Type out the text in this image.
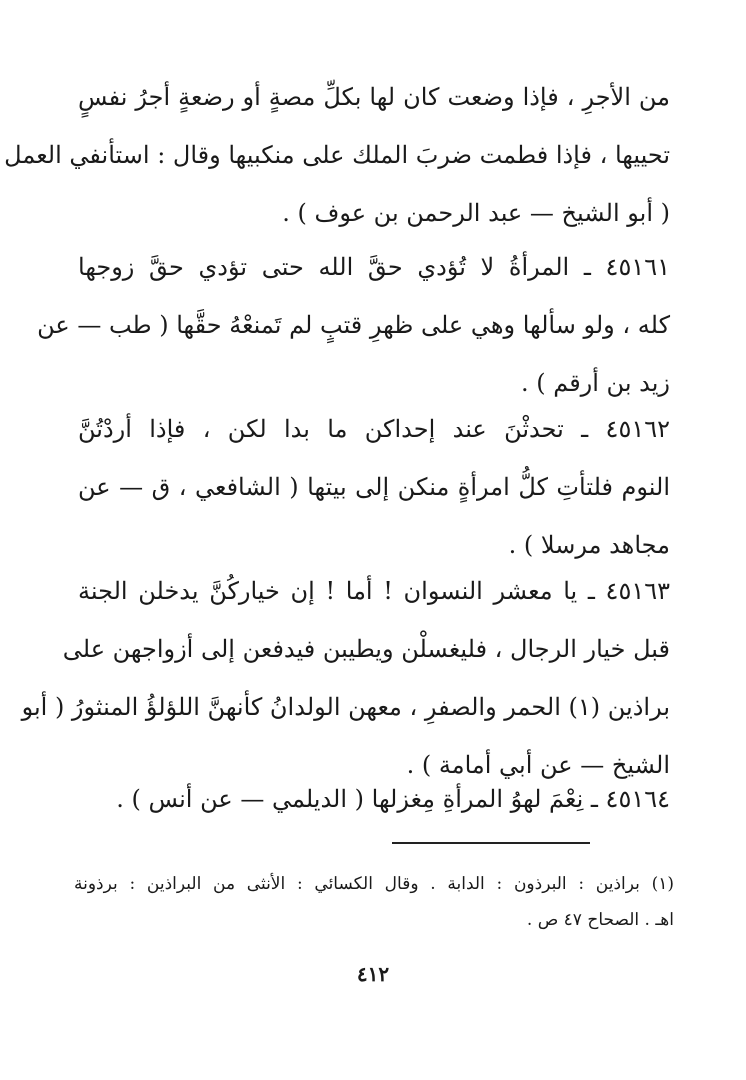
من الأجرِ ، فإذا وضعت كان لها بكلِّ مصةٍ أو رضعةٍ أجرُ نفسٍ
تحييها ، فإذا فطمت ضربَ الملك على منكبيها وقال : استأنفي العمل
( أبو الشيخ — عبد الرحمن بن عوف ) .
٤٥١٦١ ـ المرأةُ لا تُؤدي حقَّ الله حتى تؤدي حقَّ زوجها
كله ، ولو سألها وهي على ظهرِ قتبٍ لم تَمنعْهُ حقَّها ( طب — عن
زيد بن أرقم ) .
٤٥١٦٢ ـ تحدثْنَ عند إحداكن ما بدا لكن ، فإذا أردْتُنَّ
النوم فلتأتِ كلُّ امرأةٍ منكن إلى بيتها ( الشافعي ، ق — عن
مجاهد مرسلا ) .
٤٥١٦٣ ـ يا معشر النسوان ! أما ! إن خياركُنَّ يدخلن الجنة
قبل خيار الرجال ، فليغسلْن ويطيبن فيدفعن إلى أزواجهن على
براذين (١) الحمر والصفرِ ، معهن الولدانُ كأنهنَّ اللؤلؤُ المنثورُ ( أبو
الشيخ — عن أبي أمامة ) .
٤٥١٦٤ ـ نِعْمَ لهوُ المرأةِ مِغزلها ( الديلمي — عن أنس ) .
(١) براذين : البرذون : الدابة . وقال الكسائي : الأنثى من البراذين : برذونة
اهـ . الصحاح ٤٧ ص .
٤١٢
